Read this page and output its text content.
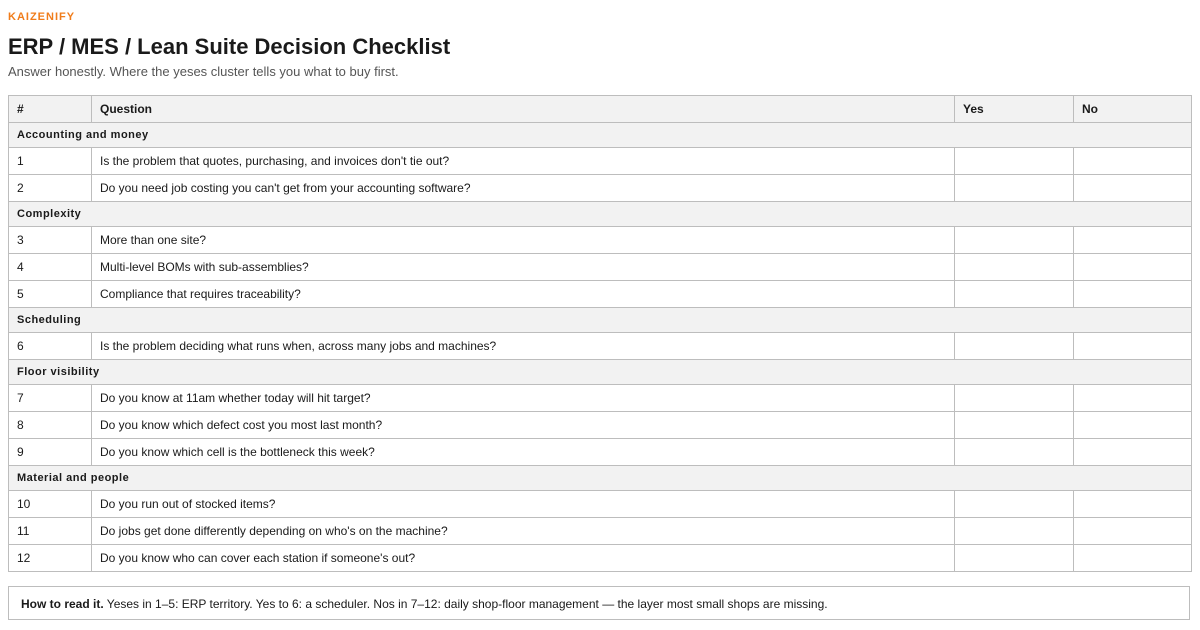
KAIZENIFY
ERP / MES / Lean Suite Decision Checklist

Answer honestly. Where the yeses cluster tells you what to buy first.

#	Question	Yes	No
Accounting and money			
1	Is the problem that quotes, purchasing, and invoices don't tie out?		
2	Do you need job costing you can't get from your accounting software?		
Complexity			
3	More than one site?		
4	Multi-level BOMs with sub-assemblies?		
5	Compliance that requires traceability?		
Scheduling			
6	Is the problem deciding what runs when, across many jobs and machines?		
Floor visibility			
7	Do you know at 11am whether today will hit target?		
8	Do you know which defect cost you most last month?		
9	Do you know which cell is the bottleneck this week?		
Material and people			
10	Do you run out of stocked items?		
11	Do jobs get done differently depending on who's on the machine?		
12	Do you know who can cover each station if someone's out?		
How to read it. Yeses in 1–5: ERP territory. Yes to 6: a scheduler. Nos in 7–12: daily shop-floor management — the layer most small shops are missing.
